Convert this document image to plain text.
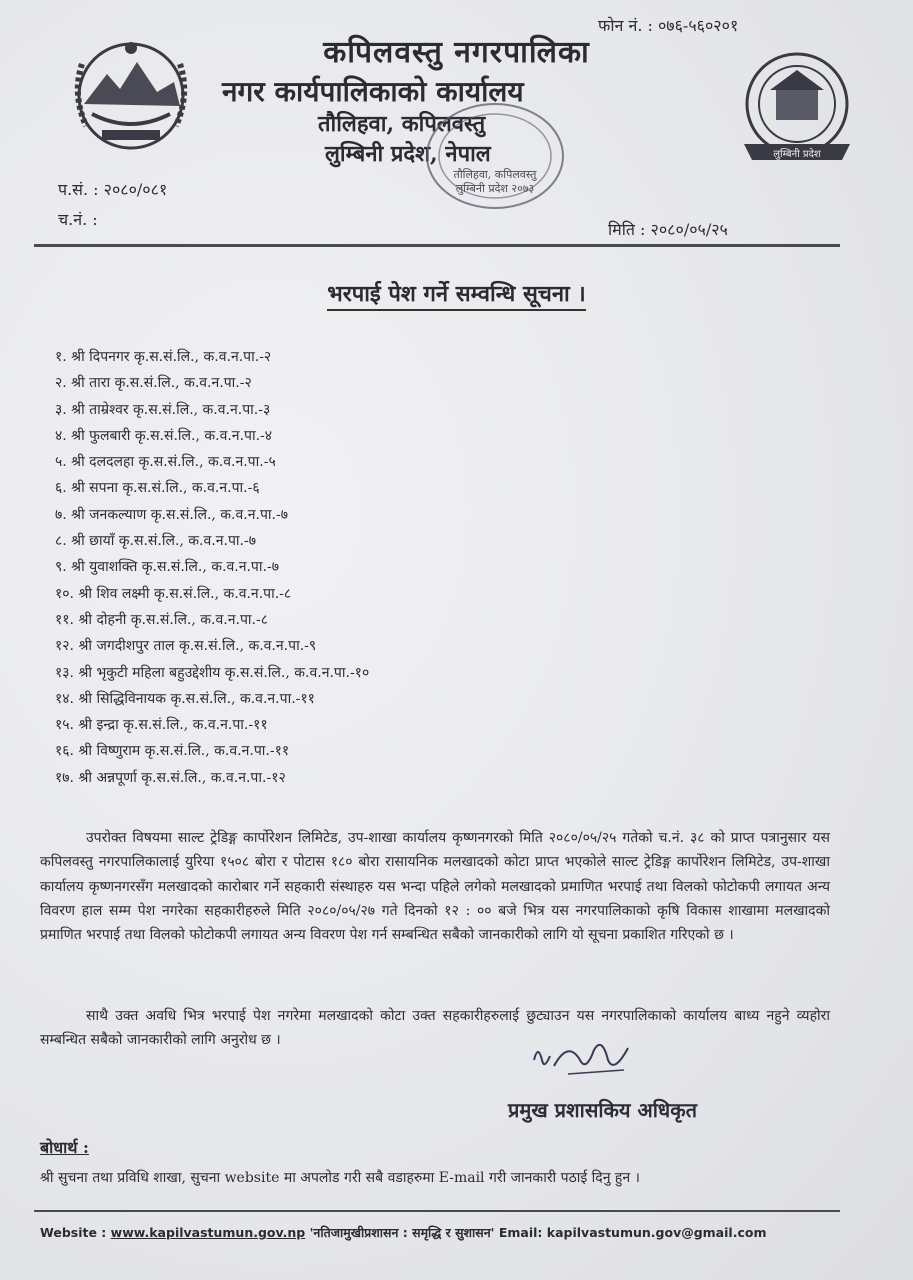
फोन नं. : ०७६-५६०२०१
कपिलवस्तु नगरपालिका
नगर कार्यपालिकाको कार्यालय
तौलिहवा, कपिलवस्तु
लुम्बिनी प्रदेश, नेपाल
तौलिहवा, कपिलवस्तु लुम्बिनी प्रदेश २०७३
लुम्बिनी प्रदेश
प.सं. : २०८०/०८१
च.नं. :
मिति : २०८०/०५/२५
भरपाई पेश गर्ने सम्वन्धि सूचना ।
१. श्री दिपनगर कृ.स.सं.लि., क.व.न.पा.-२
२. श्री तारा कृ.स.सं.लि., क.व.न.पा.-२
३. श्री ताम्रेश्वर कृ.स.सं.लि., क.व.न.पा.-३
४. श्री फुलबारी कृ.स.सं.लि., क.व.न.पा.-४
५. श्री दलदलहा कृ.स.सं.लि., क.व.न.पा.-५
६. श्री सपना कृ.स.सं.लि., क.व.न.पा.-६
७. श्री जनकल्याण कृ.स.सं.लि., क.व.न.पा.-७
८. श्री छायाँ कृ.स.सं.लि., क.व.न.पा.-७
९. श्री युवाशक्ति कृ.स.सं.लि., क.व.न.पा.-७
१०. श्री शिव लक्ष्मी कृ.स.सं.लि., क.व.न.पा.-८
११. श्री दोहनी कृ.स.सं.लि., क.व.न.पा.-८
१२. श्री जगदीशपुर ताल कृ.स.सं.लि., क.व.न.पा.-९
१३. श्री भृकुटी महिला बहुउद्देशीय कृ.स.सं.लि., क.व.न.पा.-१०
१४. श्री सिद्धिविनायक कृ.स.सं.लि., क.व.न.पा.-११
१५. श्री इन्द्रा कृ.स.सं.लि., क.व.न.पा.-११
१६. श्री विष्णुराम कृ.स.सं.लि., क.व.न.पा.-११
१७. श्री अन्नपूर्णा कृ.स.सं.लि., क.व.न.पा.-१२

उपरोक्त विषयमा साल्ट ट्रेडिङ्ग कार्पोरेशन लिमिटेड, उप-शाखा कार्यालय कृष्णनगरको मिति २०८०/०५/२५ गतेको च.नं. ३८ को प्राप्त पत्रानुसार यस कपिलवस्तु नगरपालिकालाई युरिया १५०८ बोरा र पोटास १८० बोरा रासायनिक मलखादको कोटा प्राप्त भएकोले साल्ट ट्रेडिङ्ग कार्पोरेशन लिमिटेड, उप-शाखा कार्यालय कृष्णनगरसँग मलखादको कारोबार गर्ने सहकारी संस्थाहरु यस भन्दा पहिले लगेको मलखादको प्रमाणित भरपाई तथा विलको फोटोकपी लगायत अन्य विवरण हाल सम्म पेश नगरेका सहकारीहरुले मिति २०८०/०५/२७ गते दिनको १२ : ०० बजे भित्र यस नगरपालिकाको कृषि विकास शाखामा मलखादको प्रमाणित भरपाई तथा विलको फोटोकपी लगायत अन्य विवरण पेश गर्न सम्बन्धित सबैको जानकारीको लागि यो सूचना प्रकाशित गरिएको छ ।

साथै उक्त अवधि भित्र भरपाई पेश नगरेमा मलखादको कोटा उक्त सहकारीहरुलाई छुट्याउन यस नगरपालिकाको कार्यालय बाध्य नहुने व्यहोरा सम्बन्धित सबैको जानकारीको लागि अनुरोध छ ।

प्रमुख प्रशासकिय अधिकृत
बोधार्थ :
श्री सुचना तथा प्रविधि शाखा, सुचना website मा अपलोड गरी सबै वडाहरुमा E-mail गरी जानकारी पठाई दिनु हुन ।
Website : www.kapilvastumun.gov.np 'नतिजामुखीप्रशासन : समृद्धि र सुशासन' Email: kapilvastumun.gov@gmail.com
